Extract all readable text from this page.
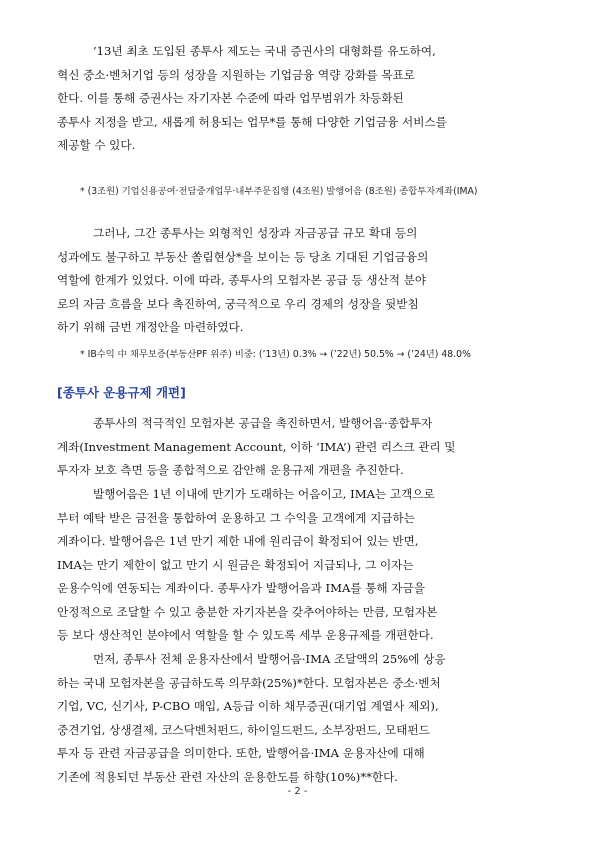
’13년 최초 도입된 종투사 제도는 국내 증권사의 대형화를 유도하여,
혁신 중소·벤처기업 등의 성장을 지원하는 기업금융 역량 강화를 목표로
한다. 이를 통해 증권사는 자기자본 수준에 따라 업무범위가 차등화된
종투사 지정을 받고, 새롭게 허용되는 업무*를 통해 다양한 기업금융 서비스를
제공할 수 있다.
* (3조원) 기업신용공여·전담중개업무·내부주문집행 (4조원) 발행어음 (8조원) 종합투자계좌(IMA)
그러나, 그간 종투사는 외형적인 성장과 자금공급 규모 확대 등의
성과에도 불구하고 부동산 쏠림현상*을 보이는 등 당초 기대된 기업금융의
역할에 한계가 있었다. 이에 따라, 종투사의 모험자본 공급 등 생산적 분야
로의 자금 흐름을 보다 촉진하여, 궁극적으로 우리 경제의 성장을 뒷받침
하기 위해 금번 개정안을 마련하였다.
* IB수익 中 채무보증(부동산PF 위주) 비중: (’13년) 0.3% → (’22년) 50.5% → (’24년) 48.0%
[종투사 운용규제 개편]
종투사의 적극적인 모험자본 공급을 촉진하면서, 발행어음·종합투자
계좌(Investment Management Account, 이하 ‘IMA’) 관련 리스크 관리 및
투자자 보호 측면 등을 종합적으로 감안해 운용규제 개편을 추진한다.
발행어음은 1년 이내에 만기가 도래하는 어음이고, IMA는 고객으로
부터 예탁 받은 금전을 통합하여 운용하고 그 수익을 고객에게 지급하는
계좌이다. 발행어음은 1년 만기 제한 내에 원리금이 확정되어 있는 반면,
IMA는 만기 제한이 없고 만기 시 원금은 확정되어 지급되나, 그 이자는
운용수익에 연동되는 계좌이다. 종투사가 발행어음과 IMA를 통해 자금을
안정적으로 조달할 수 있고 충분한 자기자본을 갖추어야하는 만큼, 모험자본
등 보다 생산적인 분야에서 역할을 할 수 있도록 세부 운용규제를 개편한다.
먼저, 종투사 전체 운용자산에서 발행어음·IMA 조달액의 25%에 상응
하는 국내 모험자본을 공급하도록 의무화(25%)*한다. 모험자본은 중소·벤처
기업, VC, 신기사, P-CBO 매입, A등급 이하 채무증권(대기업 계열사 제외),
중견기업, 상생결제, 코스닥벤처펀드, 하이일드펀드, 소부장펀드, 모태펀드
투자 등 관련 자금공급을 의미한다. 또한, 발행어음·IMA 운용자산에 대해
기존에 적용되던 부동산 관련 자산의 운용한도를 하향(10%)**한다.
- 2 -
